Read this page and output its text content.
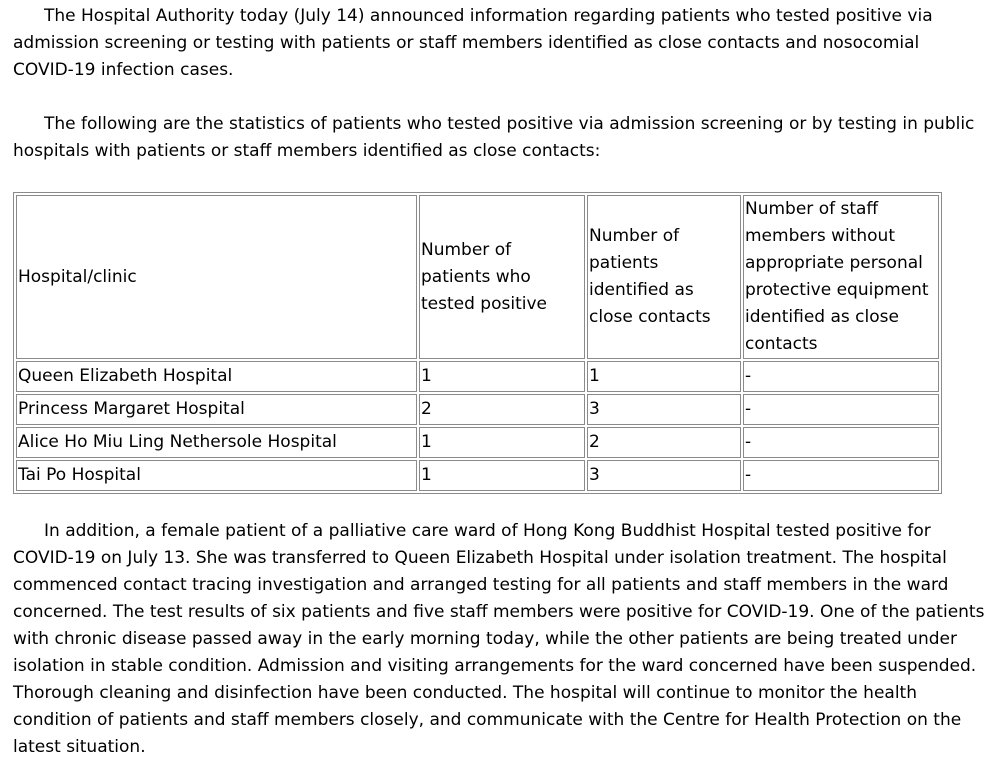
The Hospital Authority today (July 14) announced information regarding patients who tested positive via admission screening or testing with patients or staff members identified as close contacts and nosocomial COVID-19 infection cases.

The following are the statistics of patients who tested positive via admission screening or by testing in public hospitals with patients or staff members identified as close contacts:

Hospital/clinic	Number of patients who tested positive	Number of patients identified as close contacts	Number of staff members without appropriate personal protective equipment identified as close contacts
Queen Elizabeth Hospital	1	1	-
Princess Margaret Hospital	2	3	-
Alice Ho Miu Ling Nethersole Hospital	1	2	-
Tai Po Hospital	1	3	-

In addition, a female patient of a palliative care ward of Hong Kong Buddhist Hospital tested positive for COVID-19 on July 13. She was transferred to Queen Elizabeth Hospital under isolation treatment. The hospital commenced contact tracing investigation and arranged testing for all patients and staff members in the ward concerned. The test results of six patients and five staff members were positive for COVID-19. One of the patients with chronic disease passed away in the early morning today, while the other patients are being treated under isolation in stable condition. Admission and visiting arrangements for the ward concerned have been suspended. Thorough cleaning and disinfection have been conducted. The hospital will continue to monitor the health condition of patients and staff members closely, and communicate with the Centre for Health Protection on the latest situation.
